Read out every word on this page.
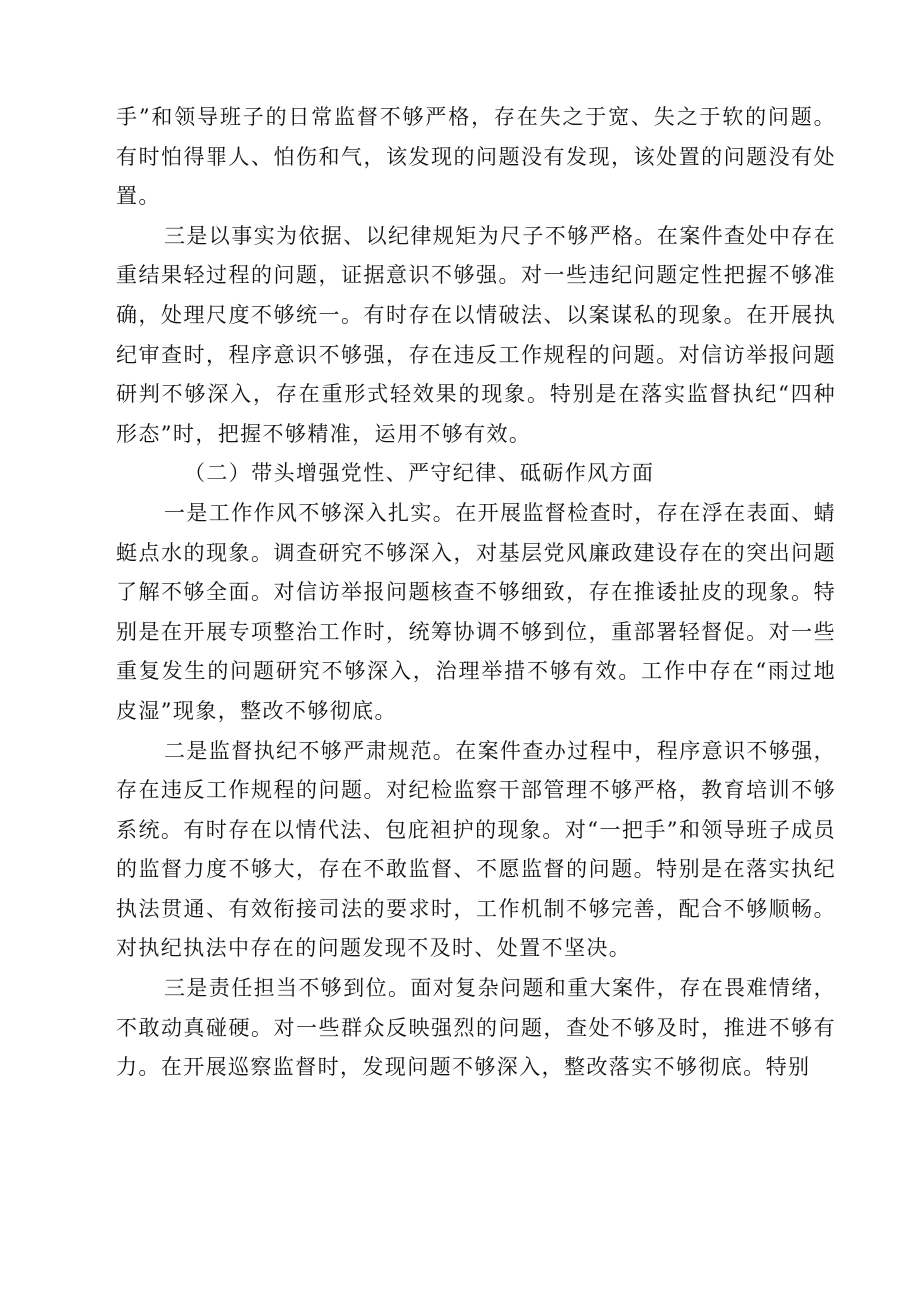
手”和领导班子的日常监督不够严格，存在失之于宽、失之于软的问题。有时怕得罪人、怕伤和气，该发现的问题没有发现，该处置的问题没有处置。

三是以事实为依据、以纪律规矩为尺子不够严格。在案件查处中存在重结果轻过程的问题，证据意识不够强。对一些违纪问题定性把握不够准确，处理尺度不够统一。有时存在以情破法、以案谋私的现象。在开展执纪审查时，程序意识不够强，存在违反工作规程的问题。对信访举报问题研判不够深入，存在重形式轻效果的现象。特别是在落实监督执纪“四种形态”时，把握不够精准，运用不够有效。

（二）带头增强党性、严守纪律、砥砺作风方面

一是工作作风不够深入扎实。在开展监督检查时，存在浮在表面、蜻蜓点水的现象。调查研究不够深入，对基层党风廉政建设存在的突出问题了解不够全面。对信访举报问题核查不够细致，存在推诿扯皮的现象。特别是在开展专项整治工作时，统筹协调不够到位，重部署轻督促。对一些重复发生的问题研究不够深入，治理举措不够有效。工作中存在“雨过地皮湿”现象，整改不够彻底。

二是监督执纪不够严肃规范。在案件查办过程中，程序意识不够强，存在违反工作规程的问题。对纪检监察干部管理不够严格，教育培训不够系统。有时存在以情代法、包庇袒护的现象。对“一把手”和领导班子成员的监督力度不够大，存在不敢监督、不愿监督的问题。特别是在落实执纪执法贯通、有效衔接司法的要求时，工作机制不够完善，配合不够顺畅。对执纪执法中存在的问题发现不及时、处置不坚决。

三是责任担当不够到位。面对复杂问题和重大案件，存在畏难情绪，不敢动真碰硬。对一些群众反映强烈的问题，查处不够及时，推进不够有力。在开展巡察监督时，发现问题不够深入，整改落实不够彻底。特别
